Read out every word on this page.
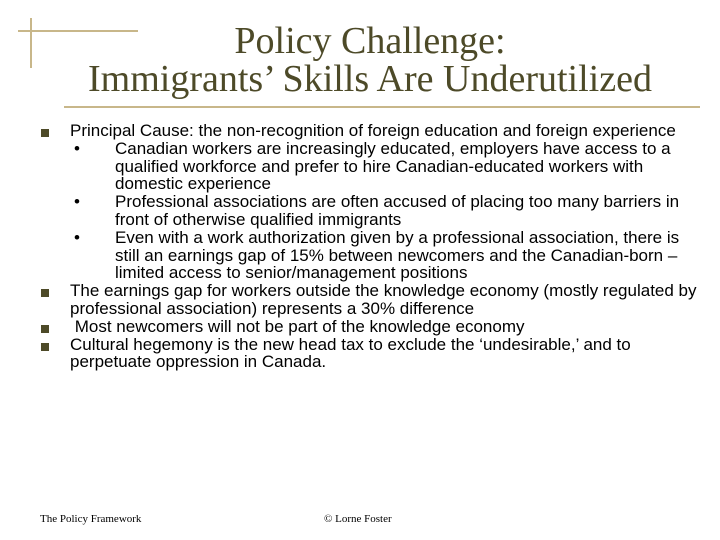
Policy Challenge:
Immigrants’ Skills Are Underutilized
Principal Cause: the non-recognition of foreign education and foreign experience
• Canadian workers are increasingly educated, employers have access to a qualified workforce and prefer to hire Canadian-educated workers with domestic experience
• Professional associations are often accused of placing too many barriers in front of otherwise qualified immigrants
• Even with a work authorization given by a professional association, there is still an earnings gap of 15% between newcomers and the Canadian-born – limited access to senior/management positions
The earnings gap for workers outside the knowledge economy (mostly regulated by professional association) represents a 30% difference
Most newcomers will not be part of the knowledge economy
Cultural hegemony is the new head tax to exclude the ‘undesirable,’ and to perpetuate oppression in Canada.
The Policy Framework	© Lorne Foster
